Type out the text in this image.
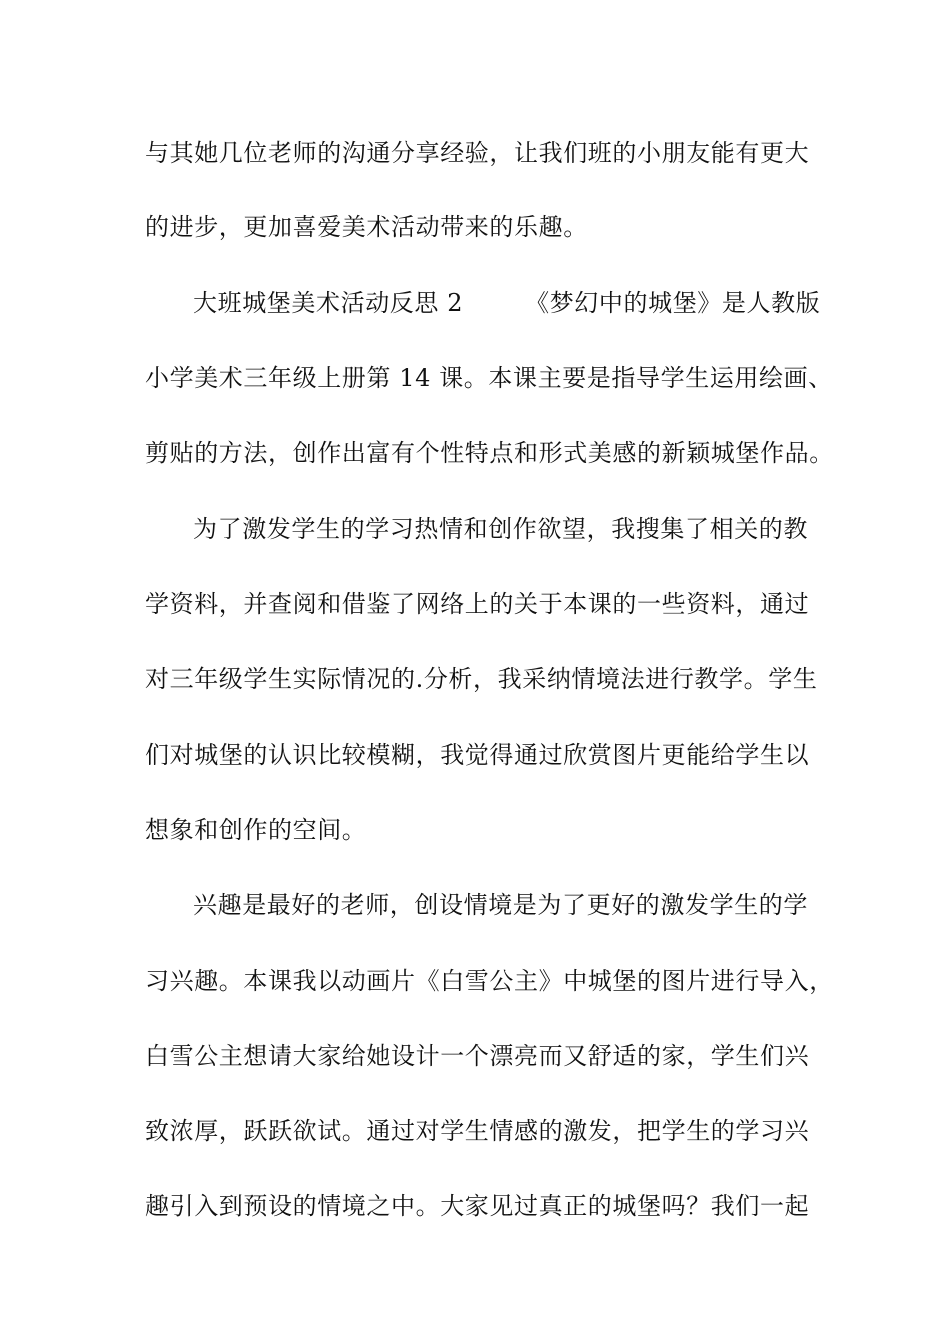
与其她几位老师的沟通分享经验，让我们班的小朋友能有更大
的进步，更加喜爱美术活动带来的乐趣。
大班城堡美术活动反思 2	《梦幻中的城堡》是人教版
小学美术三年级上册第 14 课。本课主要是指导学生运用绘画、
剪贴的方法，创作出富有个性特点和形式美感的新颖城堡作品。
为了激发学生的学习热情和创作欲望，我搜集了相关的教
学资料，并查阅和借鉴了网络上的关于本课的一些资料，通过
对三年级学生实际情况的.分析，我采纳情境法进行教学。学生
们对城堡的认识比较模糊，我觉得通过欣赏图片更能给学生以
想象和创作的空间。
兴趣是最好的老师，创设情境是为了更好的激发学生的学
习兴趣。本课我以动画片《白雪公主》中城堡的图片进行导入，
白雪公主想请大家给她设计一个漂亮而又舒适的家，学生们兴
致浓厚，跃跃欲试。通过对学生情感的激发，把学生的学习兴
趣引入到预设的情境之中。大家见过真正的城堡吗？我们一起
